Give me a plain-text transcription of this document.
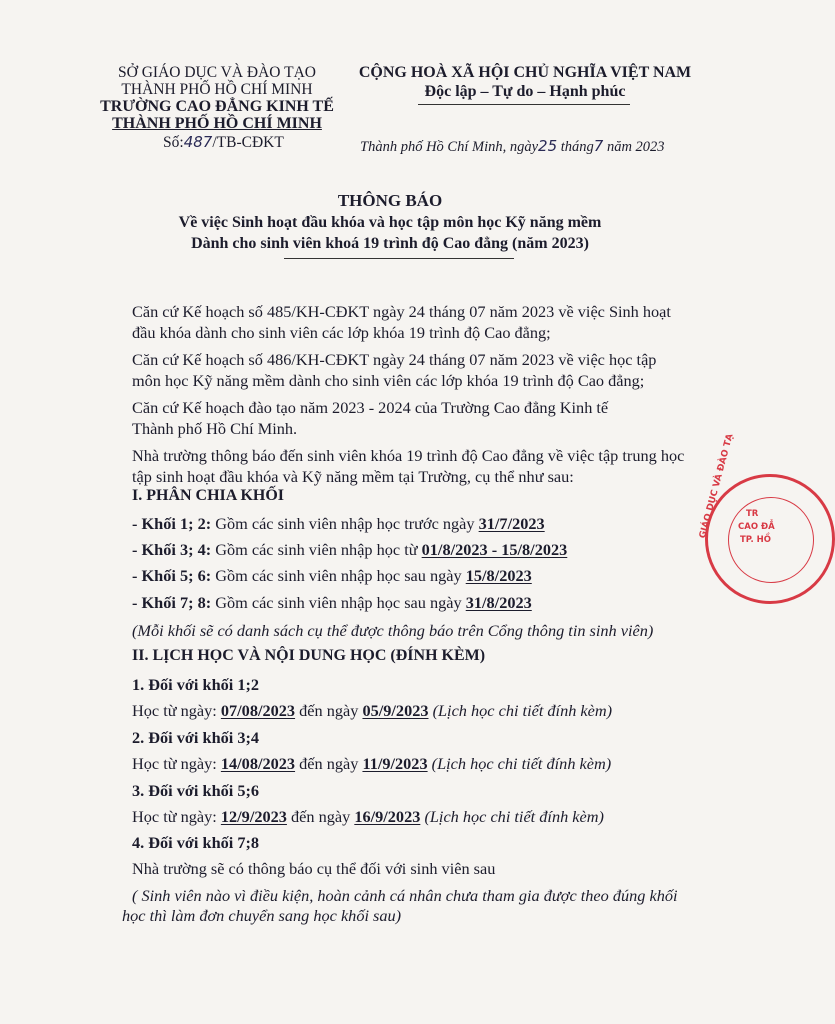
SỞ GIÁO DỤC VÀ ĐÀO TẠO
THÀNH PHỐ HỒ CHÍ MINH
TRƯỜNG CAO ĐẲNG KINH TẾ
THÀNH PHỐ HỒ CHÍ MINH
Số:487/TB-CĐKT
CỘNG HOÀ XÃ HỘI CHỦ NGHĨA VIỆT NAM
Độc lập – Tự do – Hạnh phúc
Thành phố Hồ Chí Minh, ngày25 tháng7 năm 2023
THÔNG BÁO
Về việc Sinh hoạt đầu khóa và học tập môn học Kỹ năng mềm
Dành cho sinh viên khoá 19 trình độ Cao đẳng (năm 2023)
Căn cứ Kế hoạch số 485/KH-CĐKT ngày 24 tháng 07 năm 2023 về việc Sinh hoạt
đầu khóa dành cho sinh viên các lớp khóa 19 trình độ Cao đẳng;
Căn cứ Kế hoạch số 486/KH-CĐKT ngày 24 tháng 07 năm 2023 về việc học tập
môn học Kỹ năng mềm dành cho sinh viên các lớp khóa 19 trình độ Cao đẳng;
Căn cứ Kế hoạch đào tạo năm 2023 - 2024 của Trường Cao đẳng Kinh tế
Thành phố Hồ Chí Minh.
Nhà trường thông báo đến sinh viên khóa 19 trình độ Cao đẳng về việc tập trung học
tập sinh hoạt đầu khóa và Kỹ năng mềm tại Trường, cụ thể như sau:
I. PHÂN CHIA KHỐI
- Khối 1; 2: Gồm các sinh viên nhập học trước ngày 31/7/2023
- Khối 3; 4: Gồm các sinh viên nhập học từ 01/8/2023 - 15/8/2023
- Khối 5; 6: Gồm các sinh viên nhập học sau ngày 15/8/2023
- Khối 7; 8: Gồm các sinh viên nhập học sau ngày 31/8/2023
(Mỗi khối sẽ có danh sách cụ thể được thông báo trên Cổng thông tin sinh viên)
II. LỊCH HỌC VÀ NỘI DUNG HỌC (ĐÍNH KÈM)
1. Đối với khối 1;2
Học từ ngày: 07/08/2023 đến ngày 05/9/2023 (Lịch học chi tiết đính kèm)
2. Đối với khối 3;4
Học từ ngày: 14/08/2023 đến ngày 11/9/2023 (Lịch học chi tiết đính kèm)
3. Đối với khối 5;6
Học từ ngày: 12/9/2023 đến ngày 16/9/2023 (Lịch học chi tiết đính kèm)
4. Đối với khối 7;8
Nhà trường sẽ có thông báo cụ thể đối với sinh viên sau
( Sinh viên nào vì điều kiện, hoàn cảnh cá nhân chưa tham gia được theo đúng khối
học thì làm đơn chuyển sang học khối sau)
GIÁO DỤC VÀ ĐÀO TẠ TR
CAO ĐẲ
TP. HỒ
